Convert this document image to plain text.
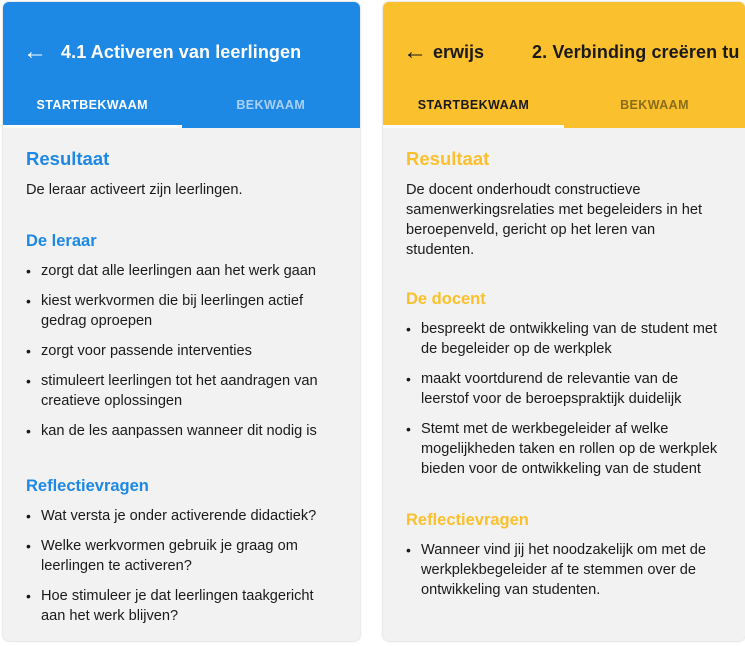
← 4.1 Activeren van leerlingen
STARTBEKWAAM	BEKWAAM
Resultaat
De leraar activeert zijn leerlingen.
De leraar
• zorgt dat alle leerlingen aan het werk gaan
• kiest werkvormen die bij leerlingen actief gedrag oproepen
• zorgt voor passende interventies
• stimuleert leerlingen tot het aandragen van creatieve oplossingen
• kan de les aanpassen wanneer dit nodig is
Reflectievragen
• Wat versta je onder activerende didactiek?
• Welke werkvormen gebruik je graag om leerlingen te activeren?
• Hoe stimuleer je dat leerlingen taakgericht aan het werk blijven?
← erwijs	2. Verbinding creëren tu
STARTBEKWAAM	BEKWAAM
Resultaat
De docent onderhoudt constructieve samenwerkingsrelaties met begeleiders in het beroepenveld, gericht op het leren van studenten.
De docent
• bespreekt de ontwikkeling van de student met de begeleider op de werkplek
• maakt voortdurend de relevantie van de leerstof voor de beroepspraktijk duidelijk
• Stemt met de werkbegeleider af welke mogelijkheden taken en rollen op de werkplek bieden voor de ontwikkeling van de student
Reflectievragen
• Wanneer vind jij het noodzakelijk om met de werkplekbegeleider af te stemmen over de ontwikkeling van studenten.
